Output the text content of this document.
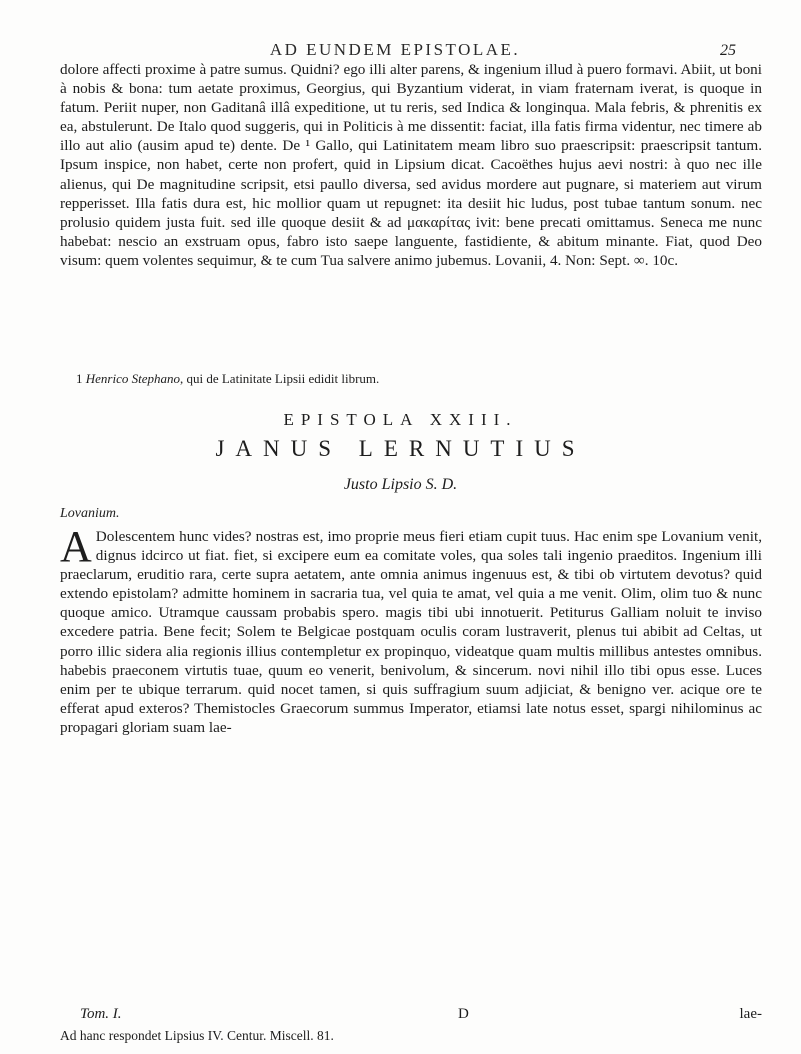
AD EUNDEM EPISTOLAE.	25

dolore affecti proxime à patre sumus. Quidni? ego illi alter parens, & ingenium illud à puero formavi. Abiit, ut boni à nobis & bona: tum aetate proximus, Georgius, qui Byzantium viderat, in viam fraternam iverat, is quoque in fatum. Periit nuper, non Gaditanâ illâ expeditione, ut tu reris, sed Indica & longinqua. Mala febris, & phrenitis ex ea, abstulerunt. De Italo quod suggeris, qui in Politicis à me dissentit: faciat, illa fatis firma videntur, nec timere ab illo aut alio (ausim apud te) dente. De ¹ Gallo, qui Latinitatem meam libro suo praescripsit: praescripsit tantum. Ipsum inspice, non habet, certe non profert, quid in Lipsium dicat. Cacoëthes hujus aevi nostri: à quo nec ille alienus, qui De magnitudine scripsit, etsi paullo diversa, sed avidus mordere aut pugnare, si materiem aut virum repperisset. Illa fatis dura est, hic mollior quam ut repugnet: ita desiit hic ludus, post tubae tantum sonum. nec prolusio quidem justa fuit. sed ille quoque desiit & ad μακαρίτας ivit: bene precati omittamus. Seneca me nunc habebat: nescio an exstruam opus, fabro isto saepe languente, fastidiente, & abitum minante. Fiat, quod Deo visum: quem volentes sequimur, & te cum Tua salvere animo jubemus. Lovanii, 4. Non: Sept. ∞. 10c.

1 Henrico Stephano, qui de Latinitate Lipsii edidit librum.
EPISTOLA XXIII.
JANUS LERNUTIUS
Justo Lipsio S. D.
Lovanium.

A Dolescentem hunc vides? nostras est, imo proprie meus fieri etiam cupit tuus. Hac enim spe Lovanium venit, dignus idcirco ut fiat. fiet, si excipere eum ea comitate voles, qua soles tali ingenio praeditos. Ingenium illi praeclarum, eruditio rara, certe supra aetatem, ante omnia animus ingenuus est, & tibi ob virtutem devotus? quid extendo epistolam? admitte hominem in sacraria tua, vel quia te amat, vel quia a me venit. Olim, olim tuo & nunc quoque amico. Utramque caussam probabis spero. magis tibi ubi innotuerit. Petiturus Galliam noluit te inviso excedere patria. Bene fecit; Solem te Belgicae postquam oculis coram lustraverit, plenus tui abibit ad Celtas, ut porro illic sidera alia regionis illius contempletur ex propinquo, videatque quam multis millibus antestes omnibus. habebis praeconem virtutis tuae, quum eo venerit, benivolum, & sincerum. novi nihil illo tibi opus esse. Luces enim per te ubique terrarum. quid nocet tamen, si quis suffragium suum adjiciat, & benigno ver. acique ore te efferat apud exteros? Themistocles Graecorum summus Imperator, etiamsi late notus esset, spargi nihilominus ac propagari gloriam suam lae-

Tom. I.	D	lae-
Ad hanc respondet Lipsius IV. Centur. Miscell. 81.
